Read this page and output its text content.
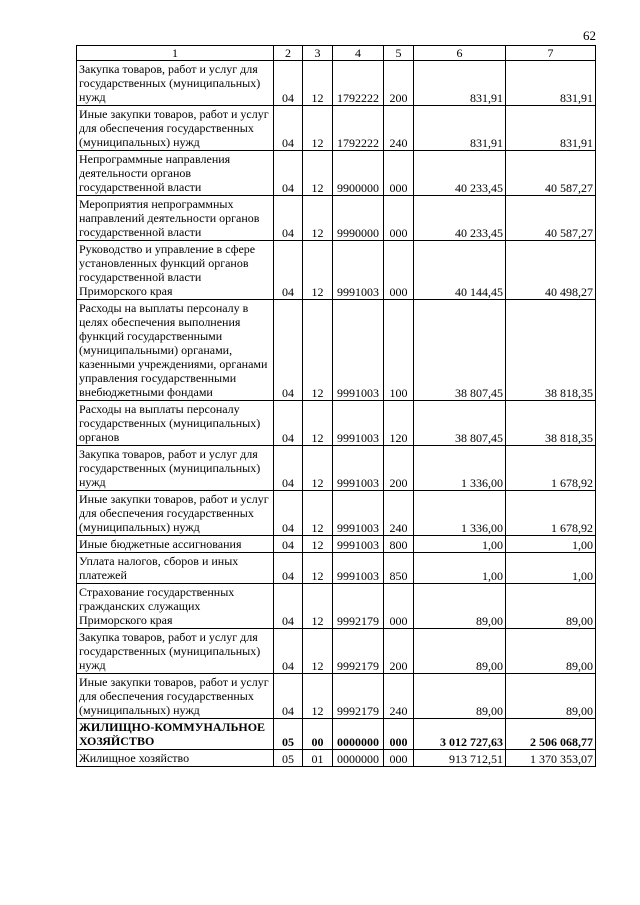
62
1	2	3	4	5	6	7
Закупка товаров, работ и услуг для государственных (муниципальных) нужд	04	12	1792222	200	831,91	831,91
Иные закупки товаров, работ и услуг для обеспечения государственных (муниципальных) нужд	04	12	1792222	240	831,91	831,91
Непрограммные направления деятельности органов государственной власти	04	12	9900000	000	40 233,45	40 587,27
Мероприятия непрограммных направлений деятельности органов государственной власти	04	12	9990000	000	40 233,45	40 587,27
Руководство и управление в сфере установленных функций органов государственной власти Приморского края	04	12	9991003	000	40 144,45	40 498,27
Расходы на выплаты персоналу в целях обеспечения выполнения функций государственными (муниципальными) органами, казенными учреждениями, органами управления государственными внебюджетными фондами	04	12	9991003	100	38 807,45	38 818,35
Расходы на выплаты персоналу государственных (муниципальных) органов	04	12	9991003	120	38 807,45	38 818,35
Закупка товаров, работ и услуг для государственных (муниципальных) нужд	04	12	9991003	200	1 336,00	1 678,92
Иные закупки товаров, работ и услуг для обеспечения государственных (муниципальных) нужд	04	12	9991003	240	1 336,00	1 678,92
Иные бюджетные ассигнования	04	12	9991003	800	1,00	1,00
Уплата налогов, сборов и иных платежей	04	12	9991003	850	1,00	1,00
Страхование государственных гражданских служащих Приморского края	04	12	9992179	000	89,00	89,00
Закупка товаров, работ и услуг для государственных (муниципальных) нужд	04	12	9992179	200	89,00	89,00
Иные закупки товаров, работ и услуг для обеспечения государственных (муниципальных) нужд	04	12	9992179	240	89,00	89,00
ЖИЛИЩНО-КОММУНАЛЬНОЕ ХОЗЯЙСТВО	05	00	0000000	000	3 012 727,63	2 506 068,77
Жилищное хозяйство	05	01	0000000	000	913 712,51	1 370 353,07
